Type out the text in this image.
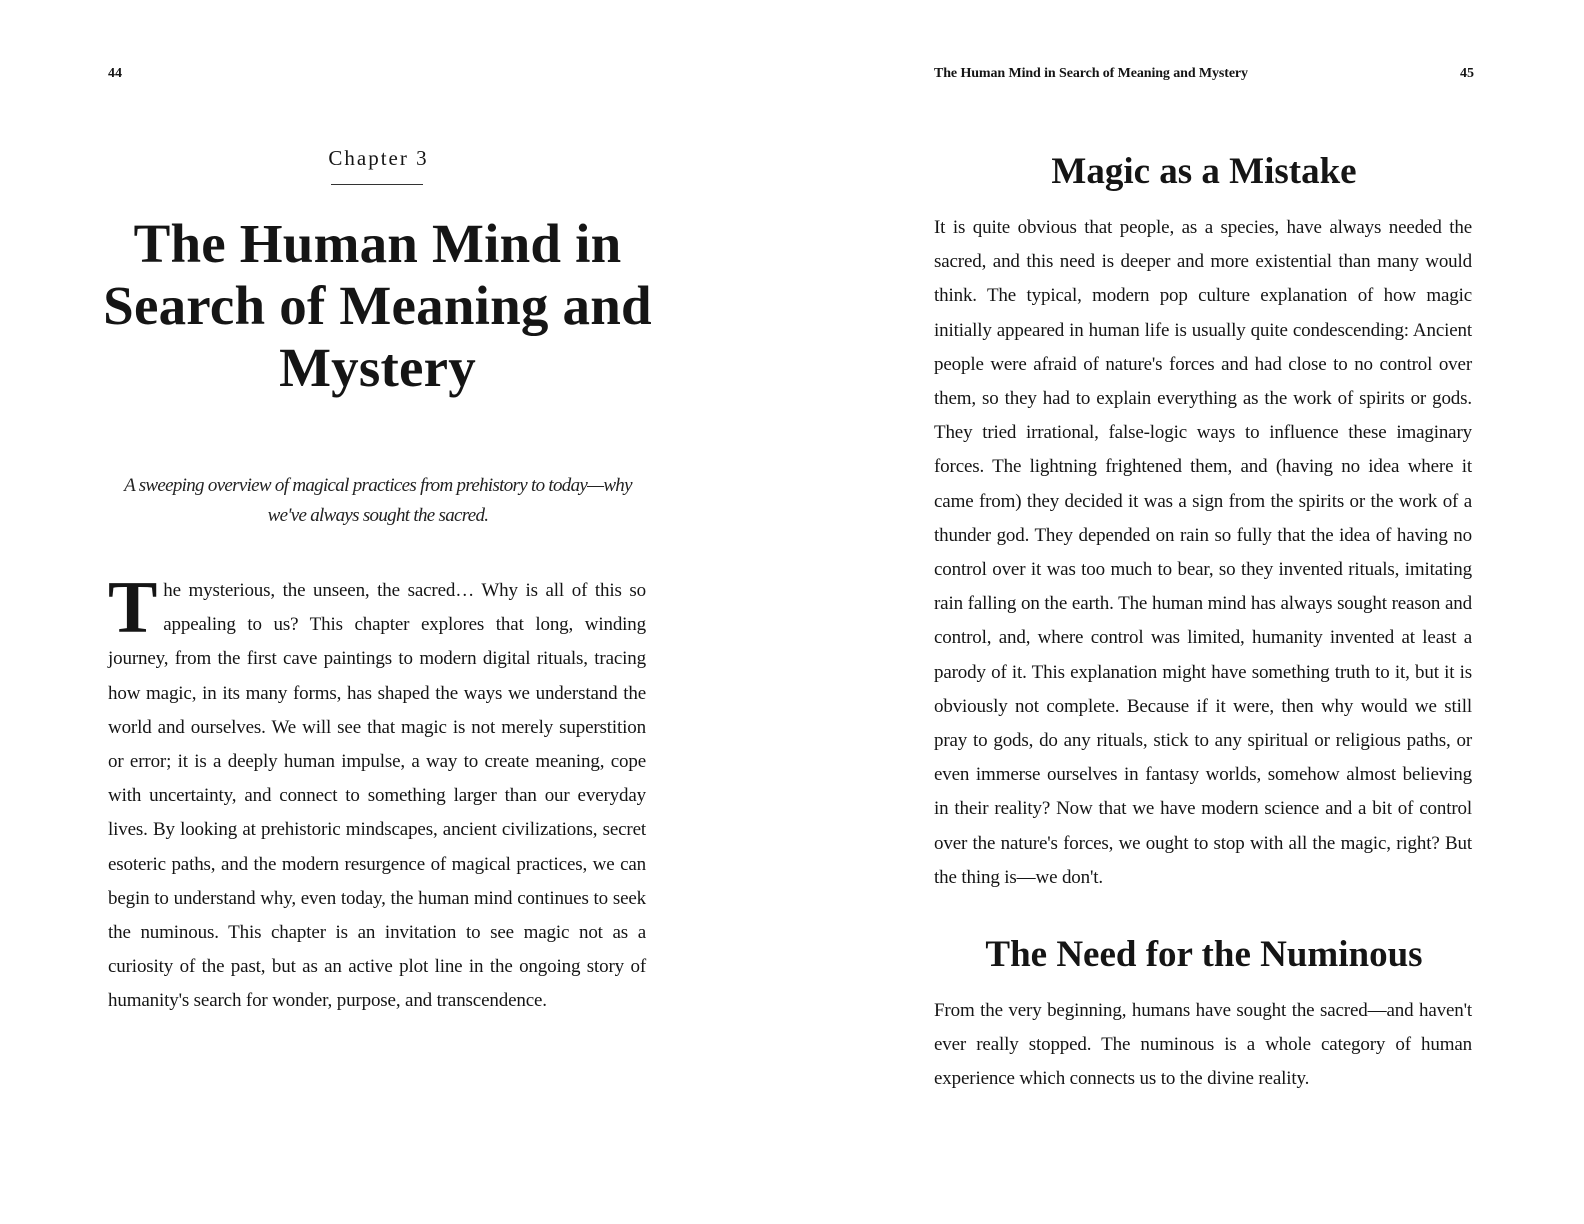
44
Chapter 3
The Human Mind in Search of Meaning and Mystery

A sweeping overview of magical practices from prehistory to today—why we've always sought the sacred.

The mysterious, the unseen, the sacred… Why is all of this so appealing to us? This chapter explores that long, winding journey, from the first cave paintings to modern digital rituals, tracing how magic, in its many forms, has shaped the ways we understand the world and ourselves. We will see that magic is not merely superstition or error; it is a deeply human impulse, a way to create meaning, cope with uncertainty, and connect to something larger than our everyday lives. By looking at prehistoric mindscapes, ancient civilizations, secret esoteric paths, and the modern resurgence of magical practices, we can begin to understand why, even today, the human mind continues to seek the numinous. This chapter is an invitation to see magic not as a curiosity of the past, but as an active plot line in the ongoing story of humanity's search for wonder, purpose, and transcendence.

The Human Mind in Search of Meaning and Mystery	45
Magic as a Mistake

It is quite obvious that people, as a species, have always needed the sacred, and this need is deeper and more existential than many would think. The typical, modern pop culture explanation of how magic initially appeared in human life is usually quite condescending: Ancient people were afraid of nature's forces and had close to no control over them, so they had to explain everything as the work of spirits or gods. They tried irrational, false-logic ways to influence these imaginary forces. The lightning frightened them, and (having no idea where it came from) they decided it was a sign from the spirits or the work of a thunder god. They depended on rain so fully that the idea of having no control over it was too much to bear, so they invented rituals, imitating rain falling on the earth. The human mind has always sought reason and control, and, where control was limited, humanity invented at least a parody of it. This explanation might have something truth to it, but it is obviously not complete. Because if it were, then why would we still pray to gods, do any rituals, stick to any spiritual or religious paths, or even immerse ourselves in fantasy worlds, somehow almost believing in their reality? Now that we have modern science and a bit of control over the nature's forces, we ought to stop with all the magic, right? But the thing is—we don't.

The Need for the Numinous

From the very beginning, humans have sought the sacred—and haven't ever really stopped. The numinous is a whole category of human experience which connects us to the divine reality.
